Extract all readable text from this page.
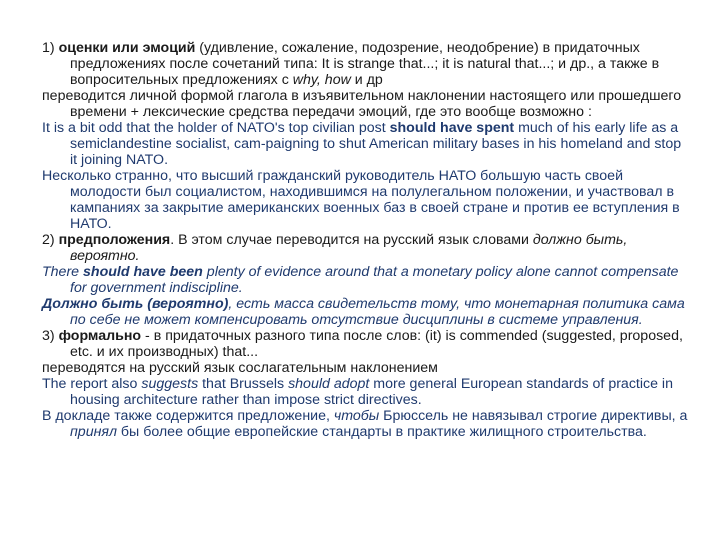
1) оценки или эмоций (удивление, сожаление, подозрение, неодобрение) в придаточных предложениях после сочетаний типа: It is strange that...; it is natural that...; и др., а также в вопросительных предложениях с why, how и др

переводится личной формой глагола в изъявительном наклонении настоящего или прошедшего времени + лексические средства передачи эмоций, где это вообще возможно :

It is a bit odd that the holder of NATO's top civilian post should have spent much of his early life as a semiclandestine socialist, cam-paigning to shut American military bases in his homeland and stop it joining NATO.

Несколько странно, что высший гражданский руководитель НАТО большую часть своей молодости был социалистом, находившимся на полулегальном положении, и участвовал в кампаниях за закрытие американских военных баз в своей стране и против ее вступления в НАТО.

2) предположения. В этом случае переводится на русский язык словами должно быть, вероятно.

There should have been plenty of evidence around that a monetary policy alone cannot compensate for government indiscipline.

Должно быть (вероятно), есть масса свидетельств тому, что монетарная политика сама по себе не может компенсировать отсутствие дисциплины в системе управления.

3) формально - в придаточных разного типа после слов: (it) is commended (suggested, proposed, etc. и их производных) that...

переводятся на русский язык сослагательным наклонением

The report also suggests that Brussels should adopt more general European standards of practice in housing architecture rather than impose strict directives.

В докладе также содержится предложение, чтобы Брюссель не навязывал строгие директивы, а принял бы более общие европейские стандарты в практике жилищного строительства.
